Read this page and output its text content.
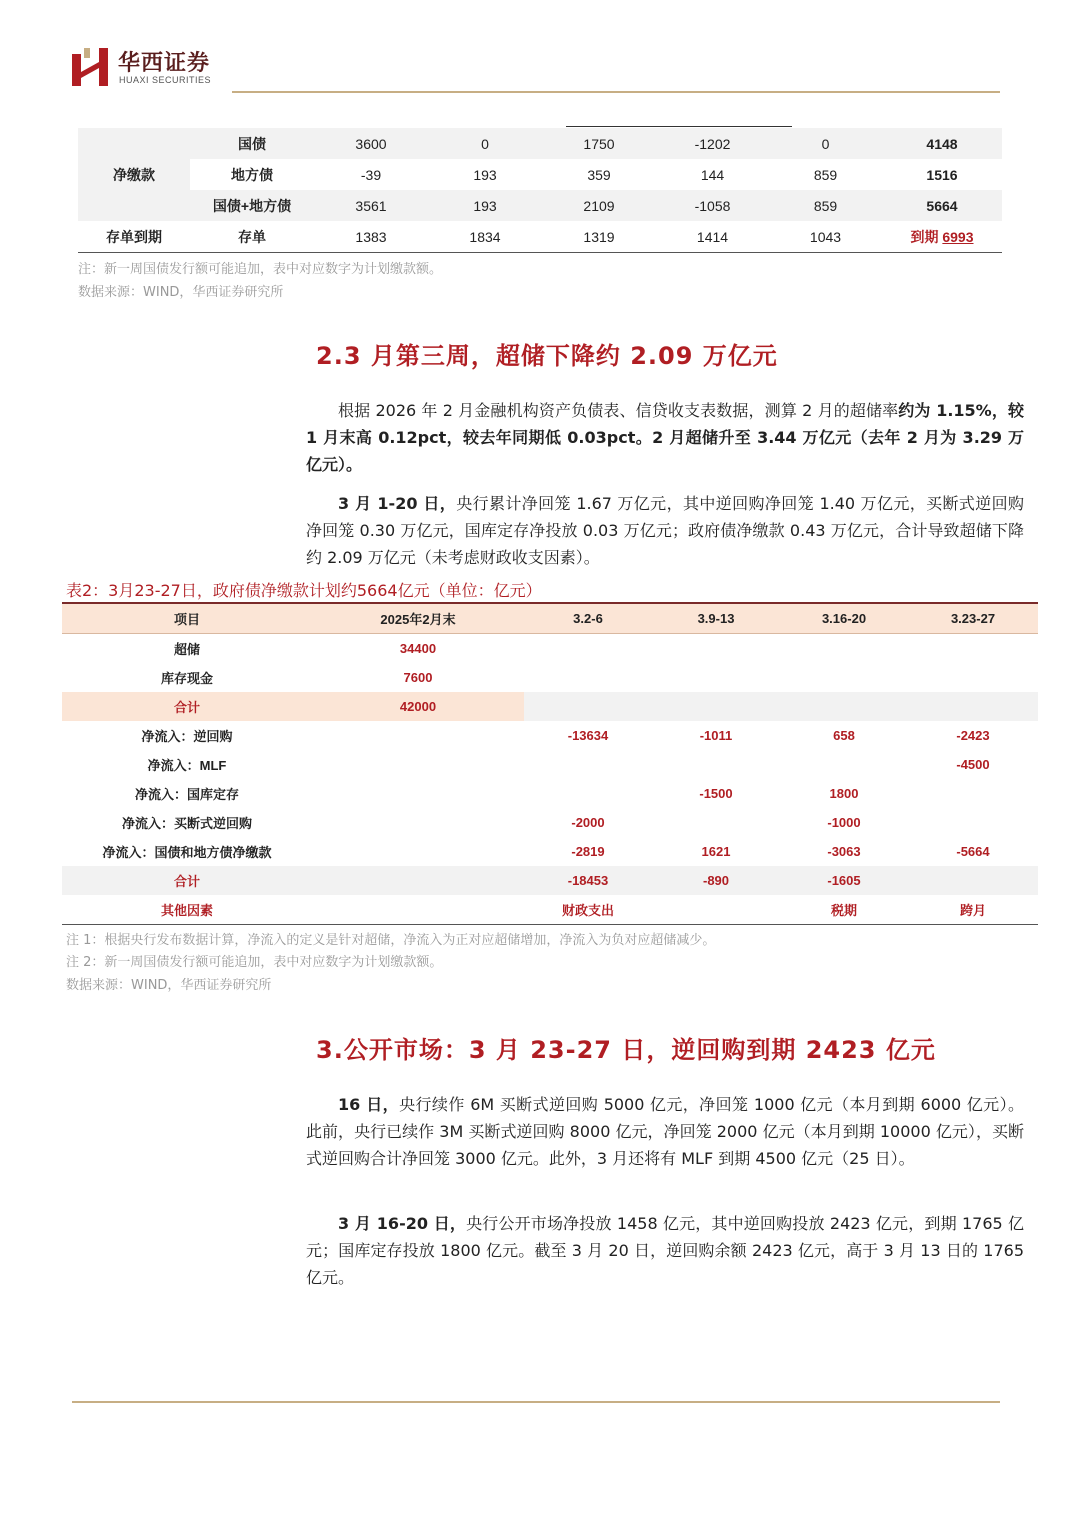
华西证券
HUAXI SECURITIES
净缴款	国债	3600	0	1750	-1202	0	4148
	地方债	-39	193	359	144	859	1516
	国债+地方债	3561	193	2109	-1058	859	5664
存单到期	存单	1383	1834	1319	1414	1043	到期 6993
注：新一周国债发行额可能追加，表中对应数字为计划缴款额。
数据来源：WIND，华西证券研究所
2.3 月第三周，超储下降约 2.09 万亿元
根据 2026 年 2 月金融机构资产负债表、信贷收支表数据，测算 2 月的超储率约为 1.15%，较 1 月末高 0.12pct，较去年同期低 0.03pct。2 月超储升至 3.44 万亿元（去年 2 月为 3.29 万亿元）。
3 月 1-20 日，央行累计净回笼 1.67 万亿元，其中逆回购净回笼 1.40 万亿元，买断式逆回购净回笼 0.30 万亿元，国库定存净投放 0.03 万亿元；政府债净缴款 0.43 万亿元，合计导致超储下降约 2.09 万亿元（未考虑财政收支因素）。
表2：3月23-27日，政府债净缴款计划约5664亿元（单位：亿元）
项目	2025年2月末	3.2-6	3.9-13	3.16-20	3.23-27
超储	34400				
库存现金	7600				
合计	42000				
净流入：逆回购		-13634	-1011	658	-2423
净流入：MLF					-4500
净流入：国库定存			-1500	1800	
净流入：买断式逆回购		-2000		-1000	
净流入：国债和地方债净缴款		-2819	1621	-3063	-5664
合计		-18453	-890	-1605	
其他因素		财政支出		税期	跨月
注 1：根据央行发布数据计算，净流入的定义是针对超储，净流入为正对应超储增加，净流入为负对应超储减少。
注 2：新一周国债发行额可能追加，表中对应数字为计划缴款额。
数据来源：WIND，华西证券研究所
3.公开市场：3 月 23-27 日，逆回购到期 2423 亿元
16 日，央行续作 6M 买断式逆回购 5000 亿元，净回笼 1000 亿元（本月到期 6000 亿元）。此前，央行已续作 3M 买断式逆回购 8000 亿元，净回笼 2000 亿元（本月到期 10000 亿元），买断式逆回购合计净回笼 3000 亿元。此外，3 月还将有 MLF 到期 4500 亿元（25 日）。
3 月 16-20 日，央行公开市场净投放 1458 亿元，其中逆回购投放 2423 亿元，到期 1765 亿元；国库定存投放 1800 亿元。截至 3 月 20 日，逆回购余额 2423 亿元，高于 3 月 13 日的 1765 亿元。
